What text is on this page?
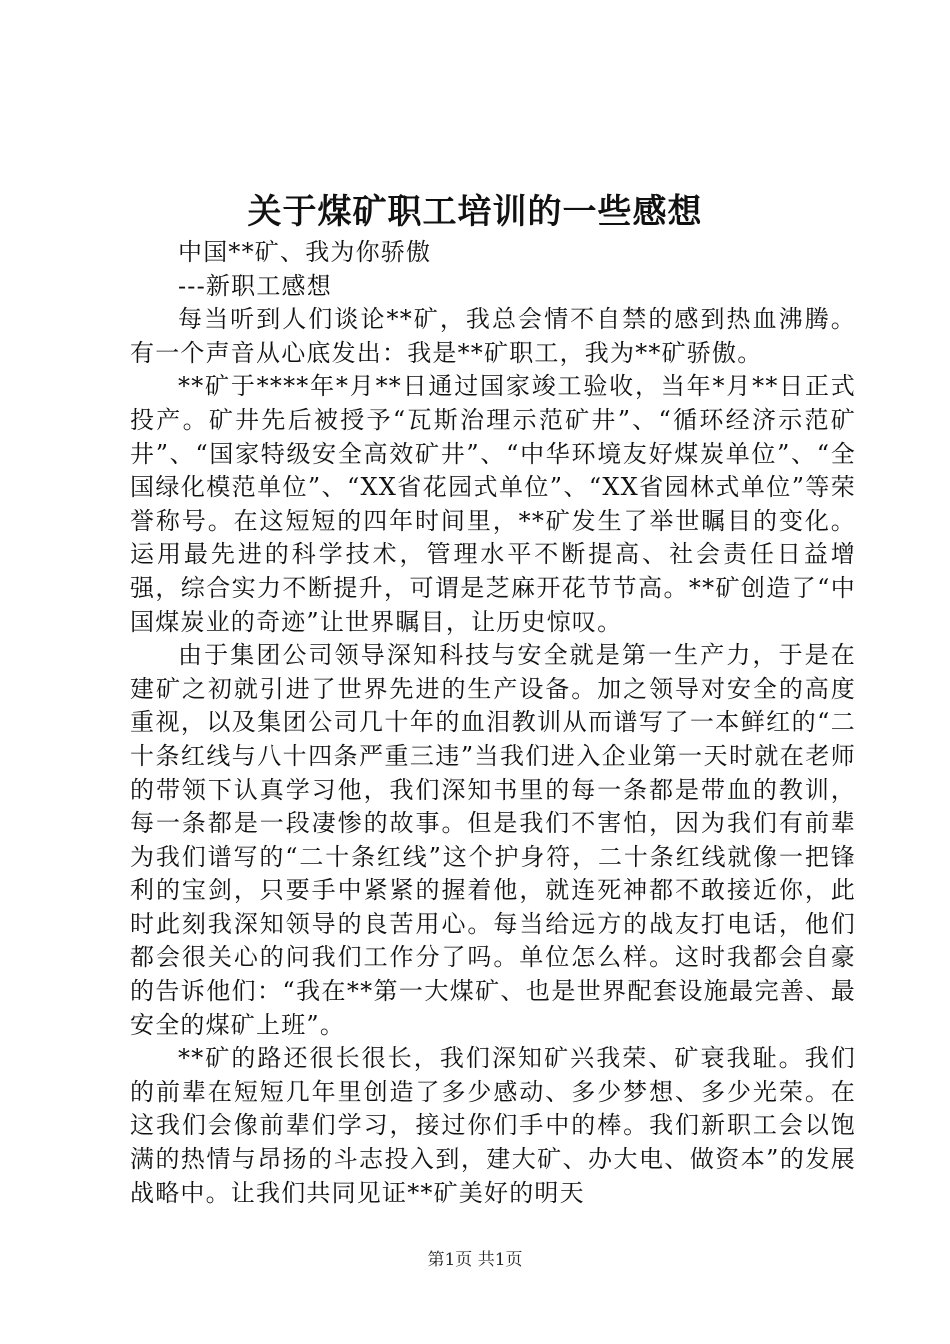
关于煤矿职工培训的一些感想

中国**矿、我为你骄傲

---新职工感想

每当听到人们谈论**矿，我总会情不自禁的感到热血沸腾。有一个声音从心底发出：我是**矿职工，我为**矿骄傲。

**矿于****年*月**日通过国家竣工验收，当年*月**日正式投产。矿井先后被授予“瓦斯治理示范矿井”、“循环经济示范矿井”、“国家特级安全高效矿井”、“中华环境友好煤炭单位”、“全国绿化模范单位”、“XX省花园式单位”、“XX省园林式单位”等荣誉称号。在这短短的四年时间里，**矿发生了举世瞩目的变化。运用最先进的科学技术，管理水平不断提高、社会责任日益增强，综合实力不断提升，可谓是芝麻开花节节高。**矿创造了“中国煤炭业的奇迹”让世界瞩目，让历史惊叹。

由于集团公司领导深知科技与安全就是第一生产力，于是在建矿之初就引进了世界先进的生产设备。加之领导对安全的高度重视，以及集团公司几十年的血泪教训从而谱写了一本鲜红的“二十条红线与八十四条严重三违”当我们进入企业第一天时就在老师的带领下认真学习他，我们深知书里的每一条都是带血的教训，每一条都是一段凄惨的故事。但是我们不害怕，因为我们有前辈为我们谱写的“二十条红线”这个护身符，二十条红线就像一把锋利的宝剑，只要手中紧紧的握着他，就连死神都不敢接近你，此时此刻我深知领导的良苦用心。每当给远方的战友打电话，他们都会很关心的问我们工作分了吗。单位怎么样。这时我都会自豪的告诉他们：“我在**第一大煤矿、也是世界配套设施最完善、最安全的煤矿上班”。

**矿的路还很长很长，我们深知矿兴我荣、矿衰我耻。我们的前辈在短短几年里创造了多少感动、多少梦想、多少光荣。在这我们会像前辈们学习，接过你们手中的棒。我们新职工会以饱满的热情与昂扬的斗志投入到，建大矿、办大电、做资本”的发展战略中。让我们共同见证**矿美好的明天

第1页 共1页
